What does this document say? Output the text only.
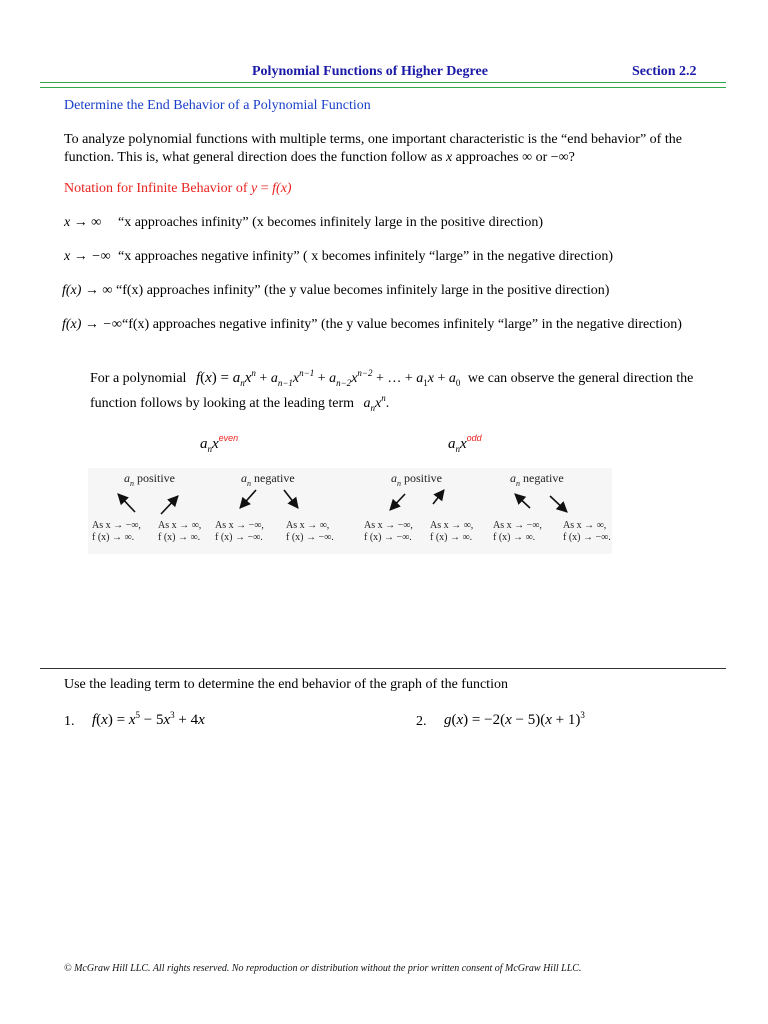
Polynomial Functions of Higher Degree	Section 2.2
Determine the End Behavior of a Polynomial Function
To analyze polynomial functions with multiple terms, one important characteristic is the “end behavior” of the
function. This is, what general direction does the function follow as x approaches ∞ or −∞?
Notation for Infinite Behavior of y = f(x)
x → ∞ “x approaches infinity” (x becomes infinitely large in the positive direction)
x → −∞ “x approaches negative infinity” ( x becomes infinitely “large” in the negative direction)
f(x) → ∞ “f(x) approaches infinity” (the y value becomes infinitely large in the positive direction)
f(x) → −∞ “f(x) approaches negative infinity” (the y value becomes infinitely “large” in the negative direction)
For a polynomial $f(x) = a_nx^n + a_{n-1}x^{n-1} + a_{n-2}x^{n-2}$ + … + $a_1x + a_0$ we can observe the general direction the
function follows by looking at the leading term $a_nx^n$.
$a_nx^{even}$	$a_nx^{odd}$
$a_n$ positive	$a_n$ negative	$a_n$ positive	$a_n$ negative
As x → −∞,
f (x) → ∞.
As x → ∞,
f (x) → ∞.
As x → −∞,
f (x) → −∞.
As x → ∞,
f (x) → −∞.
As x → −∞,
f (x) → −∞.
As x → ∞,
f (x) → ∞.
As x → −∞,
f (x) → ∞.
As x → ∞,
f (x) → −∞.
Use the leading term to determine the end behavior of the graph of the function
1. $f(x) = x^5 - 5x^3 + 4x$	2. $g(x) = -2(x - 5)(x + 1)^3$
© McGraw Hill LLC. All rights reserved. No reproduction or distribution without the prior written consent of McGraw Hill LLC.
